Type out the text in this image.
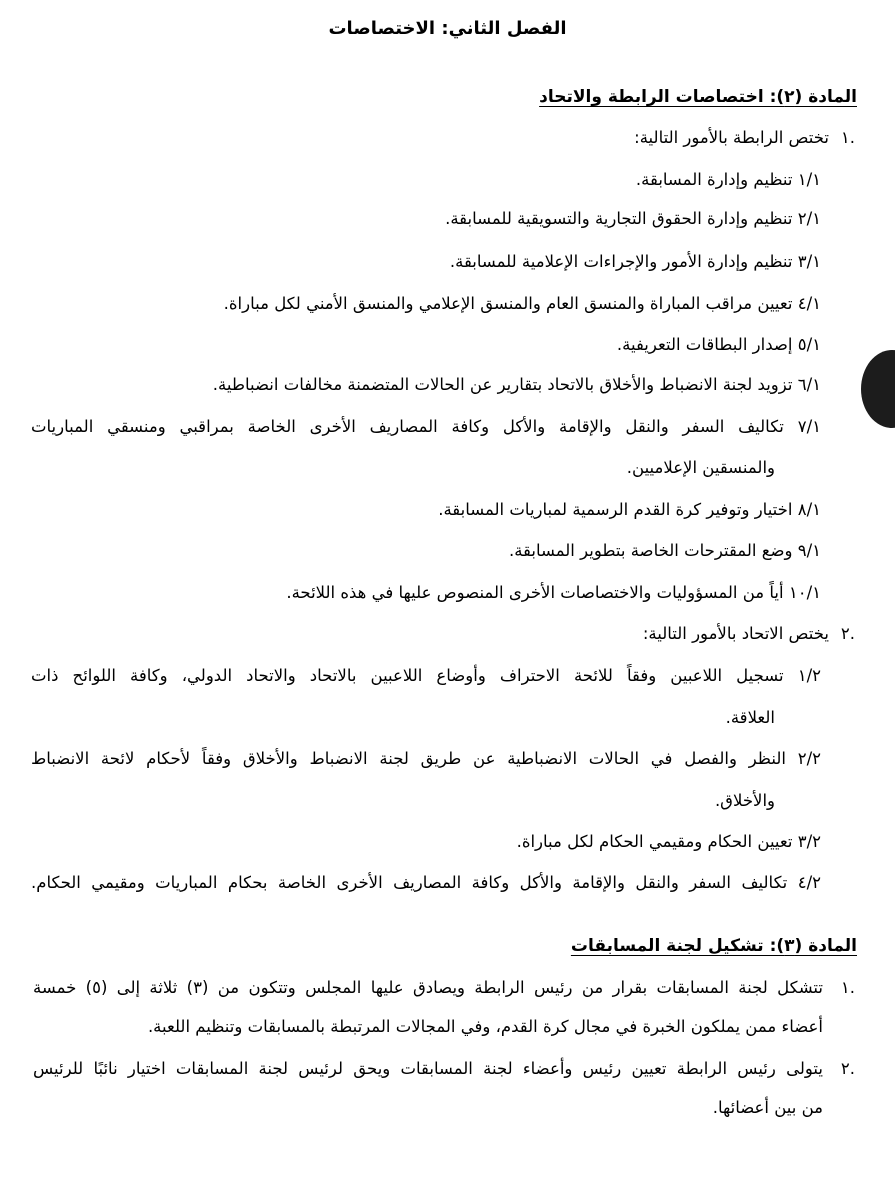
الفصل الثاني: الاختصاصات
المادة (٢): اختصاصات الرابطة والاتحاد
.١تختص الرابطة بالأمور التالية:
١/١ تنظيم وإدارة المسابقة.
٢/١ تنظيم وإدارة الحقوق التجارية والتسويقية للمسابقة.
٣/١ تنظيم وإدارة الأمور والإجراءات الإعلامية للمسابقة.
٤/١ تعيين مراقب المباراة والمنسق العام والمنسق الإعلامي والمنسق الأمني لكل مباراة.
٥/١ إصدار البطاقات التعريفية.
٦/١ تزويد لجنة الانضباط والأخلاق بالاتحاد بتقارير عن الحالات المتضمنة مخالفات انضباطية.
٧/١ تكاليف السفر والنقل والإقامة والأكل وكافة المصاريف الأخرى الخاصة بمراقبي ومنسقي المباريات
والمنسقين الإعلاميين.
٨/١ اختيار وتوفير كرة القدم الرسمية لمباريات المسابقة.
٩/١ وضع المقترحات الخاصة بتطوير المسابقة.
١٠/١ أياً من المسؤوليات والاختصاصات الأخرى المنصوص عليها في هذه اللائحة.
.٢يختص الاتحاد بالأمور التالية:
١/٢ تسجيل اللاعبين وفقاً للائحة الاحتراف وأوضاع اللاعبين بالاتحاد والاتحاد الدولي، وكافة اللوائح ذات
العلاقة.
٢/٢ النظر والفصل في الحالات الانضباطية عن طريق لجنة الانضباط والأخلاق وفقاً لأحكام لائحة الانضباط
والأخلاق.
٣/٢ تعيين الحكام ومقيمي الحكام لكل مباراة.
٤/٢ تكاليف السفر والنقل والإقامة والأكل وكافة المصاريف الأخرى الخاصة بحكام المباريات ومقيمي الحكام.
المادة (٣): تشكيل لجنة المسابقات
.١
تتشكل لجنة المسابقات بقرار من رئيس الرابطة ويصادق عليها المجلس وتتكون من (٣) ثلاثة إلى (٥) خمسة
أعضاء ممن يملكون الخبرة في مجال كرة القدم، وفي المجالات المرتبطة بالمسابقات وتنظيم اللعبة.
.٢
يتولى رئيس الرابطة تعيين رئيس وأعضاء لجنة المسابقات ويحق لرئيس لجنة المسابقات اختيار نائبًا للرئيس
من بين أعضائها.
